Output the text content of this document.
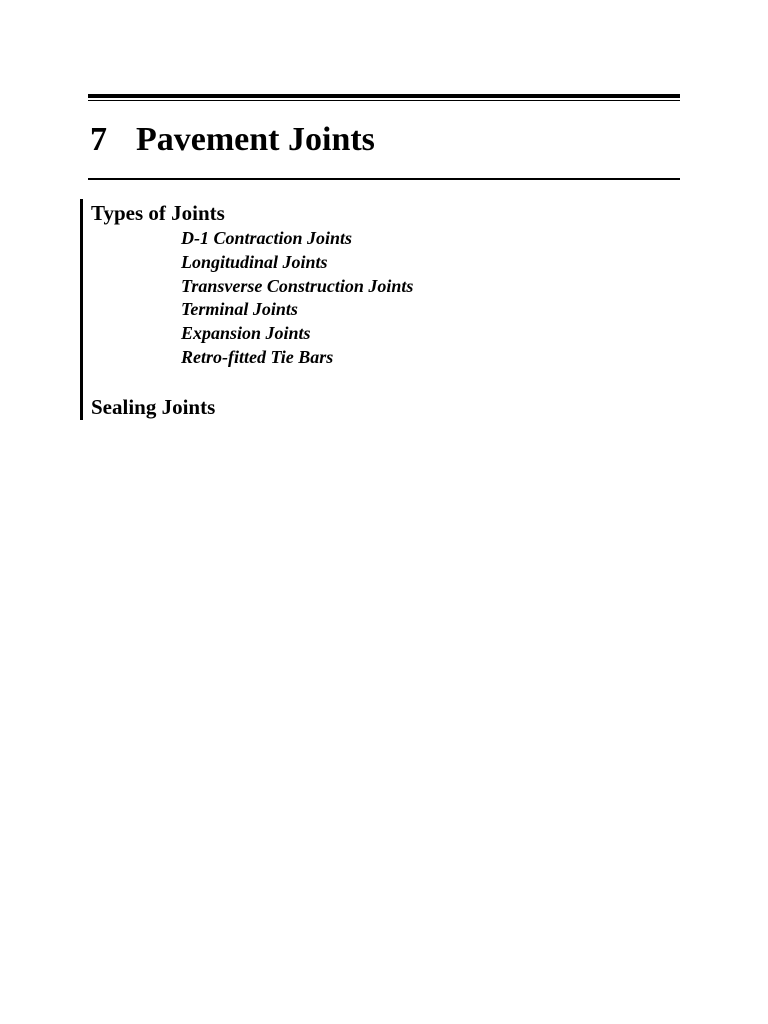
7 Pavement Joints
Types of Joints
D-1 Contraction Joints
Longitudinal Joints
Transverse Construction Joints
Terminal Joints
Expansion Joints
Retro-fitted Tie Bars
Sealing Joints
